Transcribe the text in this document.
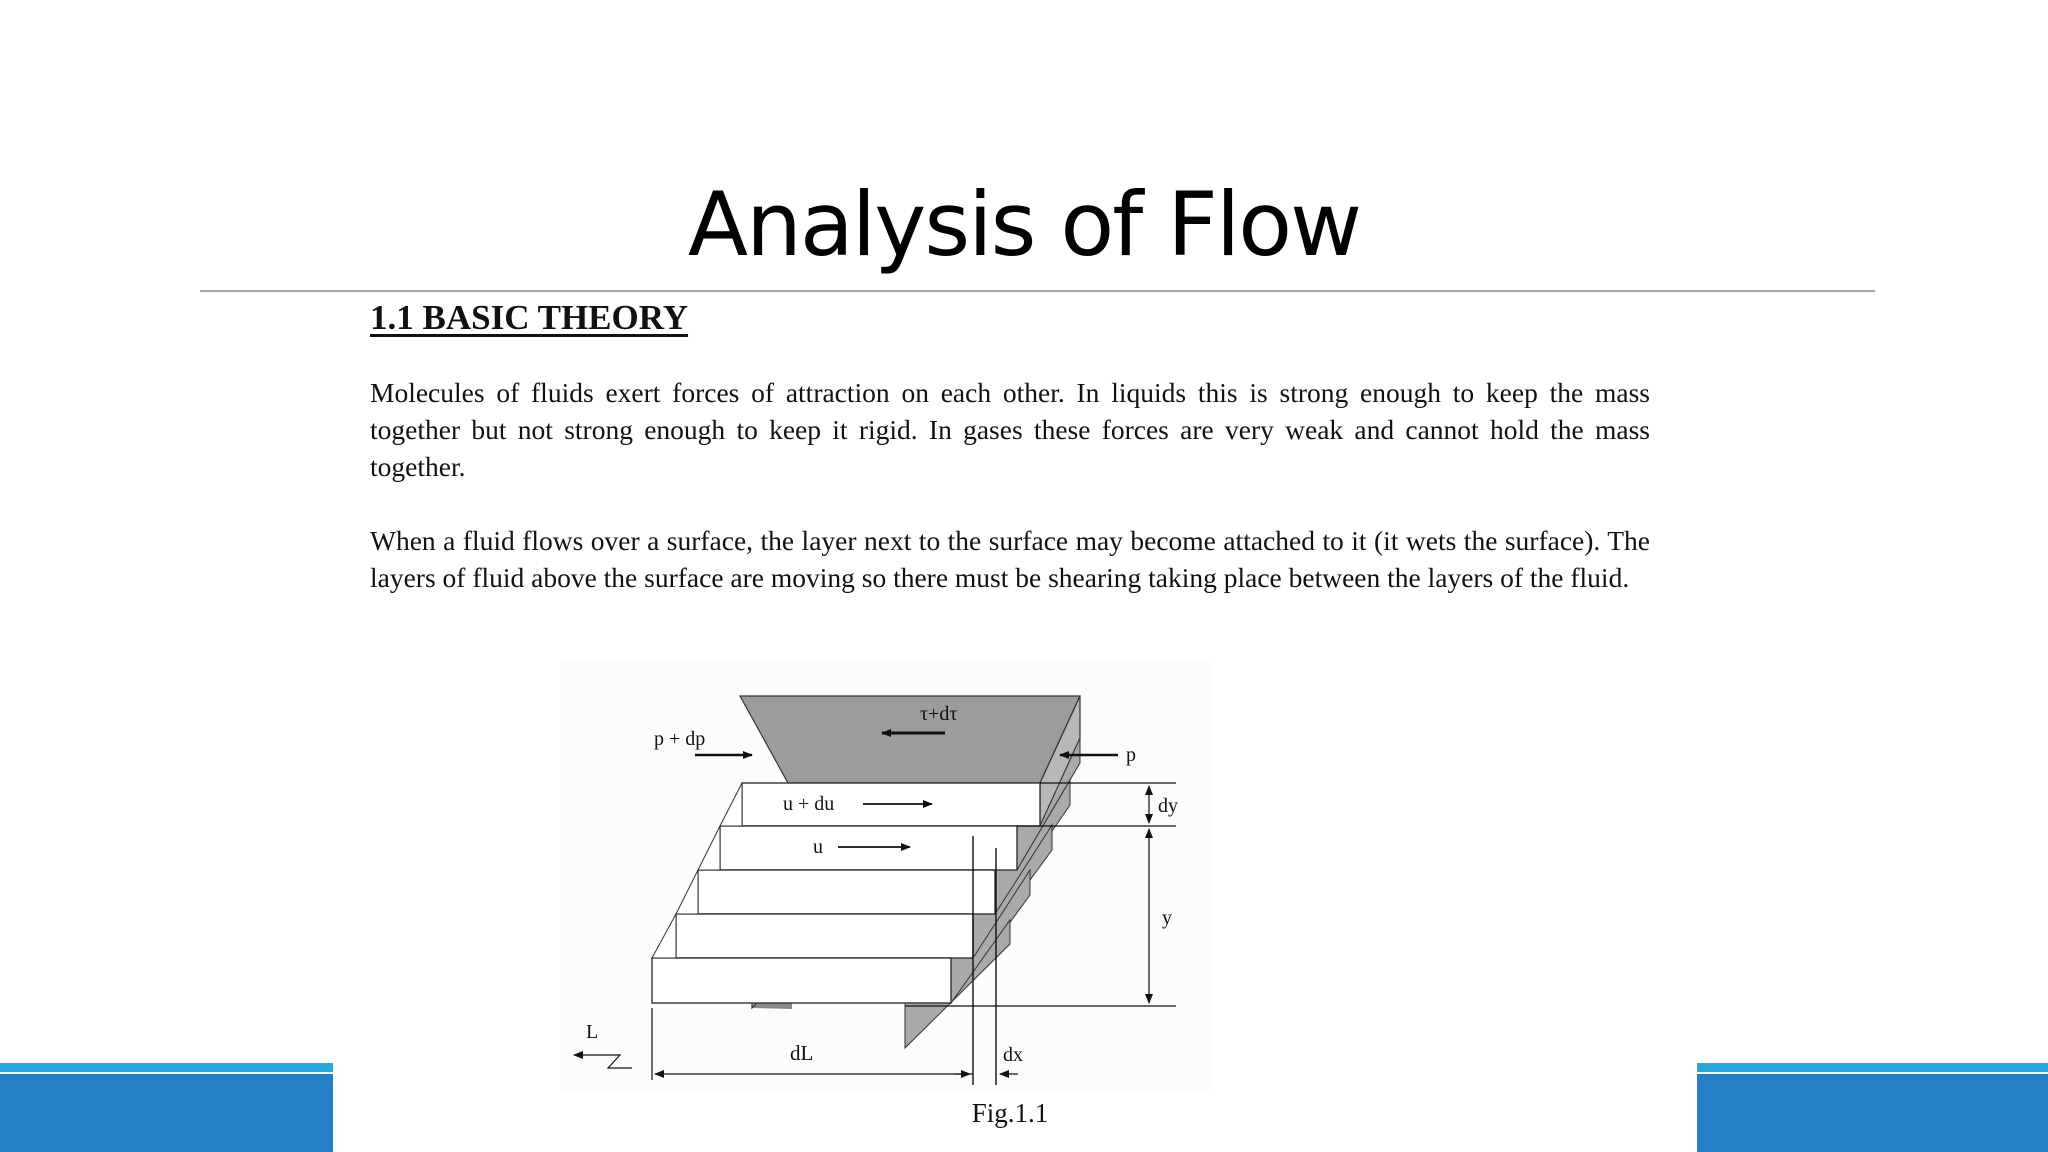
Analysis of Flow
1.1 BASIC THEORY

Molecules of fluids exert forces of attraction on each other. In liquids this is strong enough to keep the mass together but not strong enough to keep it rigid. In gases these forces are very weak and cannot hold the mass together.

When a fluid flows over a surface, the layer next to the surface may become attached to it (it wets the surface). The layers of fluid above the surface are moving so there must be shearing taking place between the layers of the fluid.

τ+dτ
p + dp
p
u + du
u
dy
y
dL	dx
L
Fig.1.1
